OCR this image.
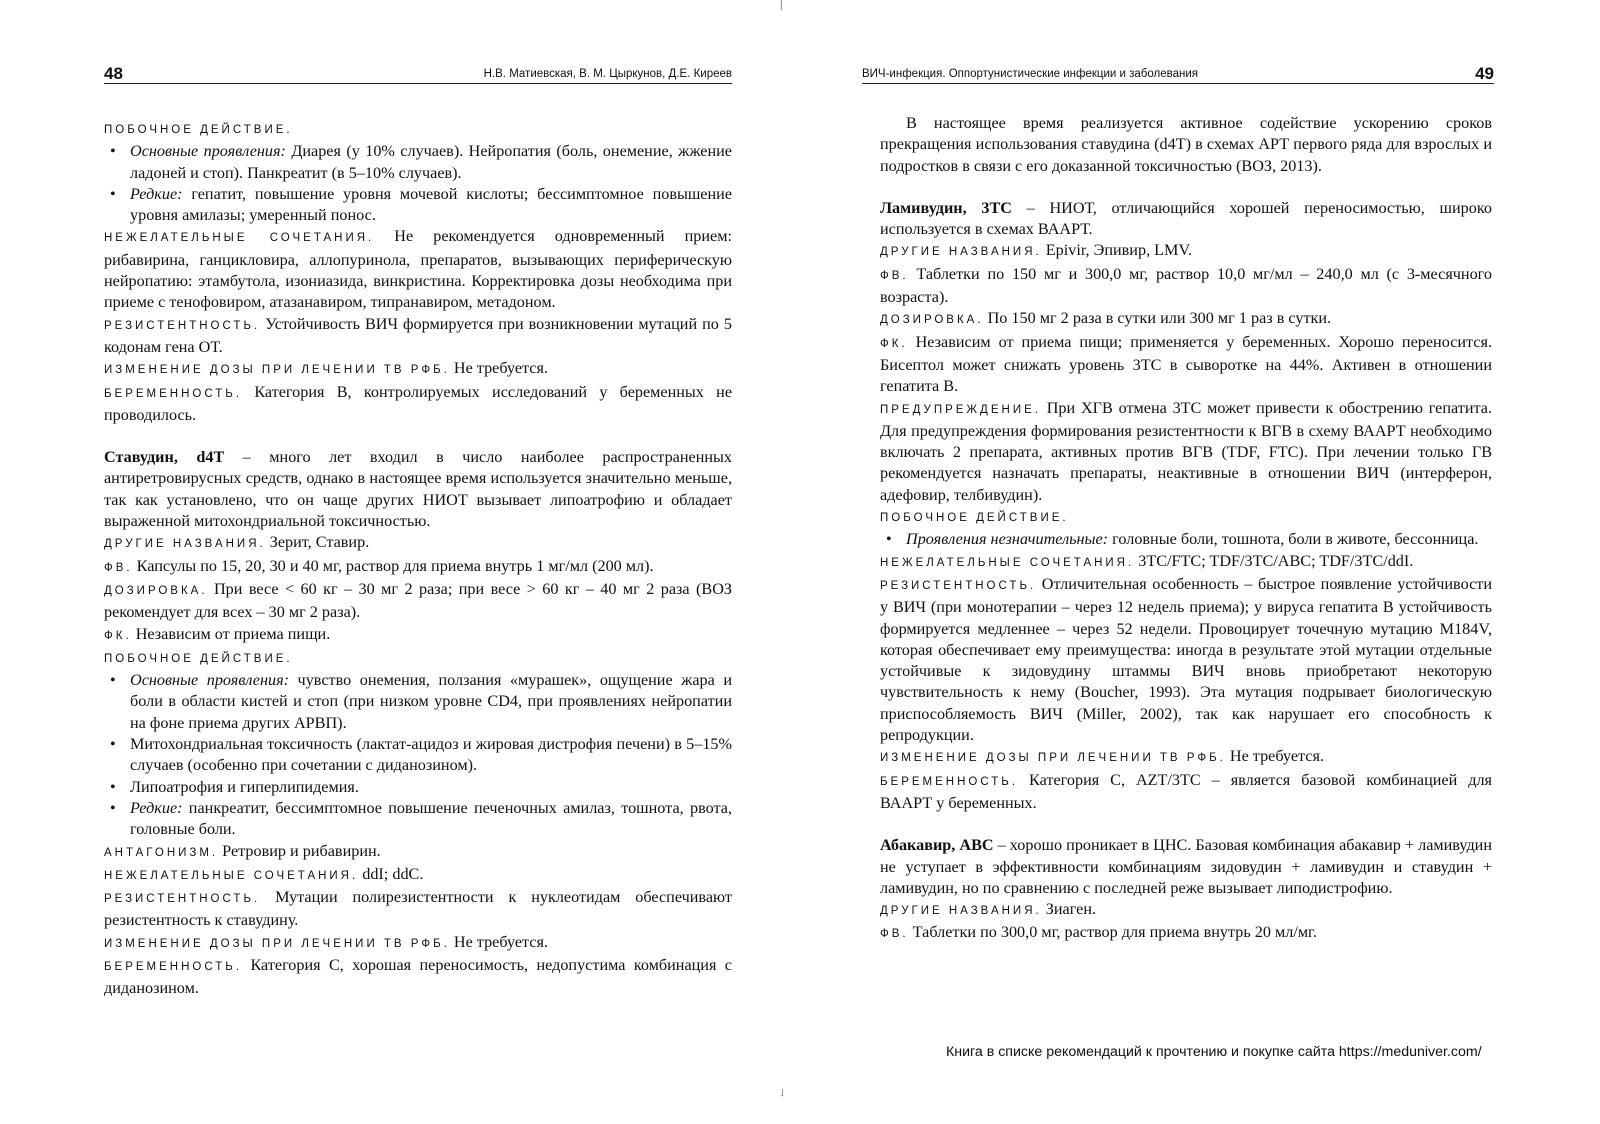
|
˩
48	Н.В. Матиевская, В. М. Цыркунов, Д.Е. Киреев

ПОБОЧНОЕ ДЕЙСТВИЕ.

• Основные проявления: Диарея (у 10% случаев). Нейропатия (боль, онемение, жжение ладоней и стоп). Панкреатит (в 5–10% случаев).

• Редкие: гепатит, повышение уровня мочевой кислоты; бессимптомное повышение уровня амилазы; умеренный понос.

НЕЖЕЛАТЕЛЬНЫЕ СОЧЕТАНИЯ. Не рекомендуется одновременный прием: рибавирина, ганцикловира, аллопуринола, препаратов, вызывающих периферическую нейропатию: этамбутола, изониазида, винкристина. Корректировка дозы необходима при приеме с тенофовиром, атазанавиром, типранавиром, метадоном.

РЕЗИСТЕНТНОСТЬ. Устойчивость ВИЧ формируется при возникновении мутаций по 5 кодонам гена ОТ.

ИЗМЕНЕНИЕ ДОЗЫ ПРИ ЛЕЧЕНИИ ТВ РФБ. Не требуется.

БЕРЕМЕННОСТЬ. Категория В, контролируемых исследований у беременных не проводилось.

Ставудин, d4T – много лет входил в число наиболее распространенных антиретровирусных средств, однако в настоящее время используется значительно меньше, так как установлено, что он чаще других НИОТ вызывает липоатрофию и обладает выраженной митохондриальной токсичностью.

ДРУГИЕ НАЗВАНИЯ. Зерит, Ставир.

ФВ. Капсулы по 15, 20, 30 и 40 мг, раствор для приема внутрь 1 мг/мл (200 мл).

ДОЗИРОВКА. При весе < 60 кг – 30 мг 2 раза; при весе > 60 кг – 40 мг 2 раза (ВОЗ рекомендует для всех – 30 мг 2 раза).

ФК. Независим от приема пищи.

ПОБОЧНОЕ ДЕЙСТВИЕ.

• Основные проявления: чувство онемения, ползания «мурашек», ощущение жара и боли в области кистей и стоп (при низком уровне CD4, при проявлениях нейропатии на фоне приема других АРВП).

• Митохондриальная токсичность (лактат-ацидоз и жировая дистрофия печени) в 5–15% случаев (особенно при сочетании с диданозином).

• Липоатрофия и гиперлипидемия.

• Редкие: панкреатит, бессимптомное повышение печеночных амилаз, тошнота, рвота, головные боли.

АНТАГОНИЗМ. Ретровир и рибавирин.

НЕЖЕЛАТЕЛЬНЫЕ СОЧЕТАНИЯ. ddI; ddC.

РЕЗИСТЕНТНОСТЬ. Мутации полирезистентности к нуклеотидам обеспечивают резистентность к ставудину.

ИЗМЕНЕНИЕ ДОЗЫ ПРИ ЛЕЧЕНИИ ТВ РФБ. Не требуется.

БЕРЕМЕННОСТЬ. Категория С, хорошая переносимость, недопустима комбинация с диданозином.

ВИЧ-инфекция. Оппортунистические инфекции и заболевания	49

В настоящее время реализуется активное содействие ускорению сроков прекращения использования ставудина (d4T) в схемах АРТ первого ряда для взрослых и подростков в связи с его доказанной токсичностью (ВОЗ, 2013).

Ламивудин, 3TC – НИОТ, отличающийся хорошей переносимостью, широко используется в схемах ВААРТ.

ДРУГИЕ НАЗВАНИЯ. Epivir, Эпивир, LMV.

ФВ. Таблетки по 150 мг и 300,0 мг, раствор 10,0 мг/мл – 240,0 мл (с 3-месячного возраста).

ДОЗИРОВКА. По 150 мг 2 раза в сутки или 300 мг 1 раз в сутки.

ФК. Независим от приема пищи; применяется у беременных. Хорошо переносится. Бисептол может снижать уровень 3ТС в сыворотке на 44%. Активен в отношении гепатита В.

ПРЕДУПРЕЖДЕНИЕ. При ХГВ отмена 3ТС может привести к обострению гепатита. Для предупреждения формирования резистентности к ВГВ в схему ВААРТ необходимо включать 2 препарата, активных против ВГВ (TDF, FTC). При лечении только ГВ рекомендуется назначать препараты, неактивные в отношении ВИЧ (интерферон, адефовир, телбивудин).

ПОБОЧНОЕ ДЕЙСТВИЕ.

• Проявления незначительные: головные боли, тошнота, боли в животе, бессонница.

НЕЖЕЛАТЕЛЬНЫЕ СОЧЕТАНИЯ. 3TC/FTC; TDF/3TC/ABC; TDF/3TC/ddI.

РЕЗИСТЕНТНОСТЬ. Отличительная особенность – быстрое появление устойчивости у ВИЧ (при монотерапии – через 12 недель приема); у вируса гепатита В устойчивость формируется медленнее – через 52 недели. Провоцирует точечную мутацию M184V, которая обеспечивает ему преимущества: иногда в результате этой мутации отдельные устойчивые к зидовудину штаммы ВИЧ вновь приобретают некоторую чувствительность к нему (Boucher, 1993). Эта мутация подрывает биологическую приспособляемость ВИЧ (Miller, 2002), так как нарушает его способность к репродукции.

ИЗМЕНЕНИЕ ДОЗЫ ПРИ ЛЕЧЕНИИ ТВ РФБ. Не требуется.

БЕРЕМЕННОСТЬ. Категория С, AZT/3TC – является базовой комбинацией для ВААРТ у беременных.

Абакавир, ABC – хорошо проникает в ЦНС. Базовая комбинация абакавир + ламивудин не уступает в эффективности комбинациям зидовудин + ламивудин и ставудин + ламивудин, но по сравнению с последней реже вызывает липодистрофию.

ДРУГИЕ НАЗВАНИЯ. Зиаген.

ФВ. Таблетки по 300,0 мг, раствор для приема внутрь 20 мл/мг.

Книга в списке рекомендаций к прочтению и покупке сайта https://meduniver.com/
